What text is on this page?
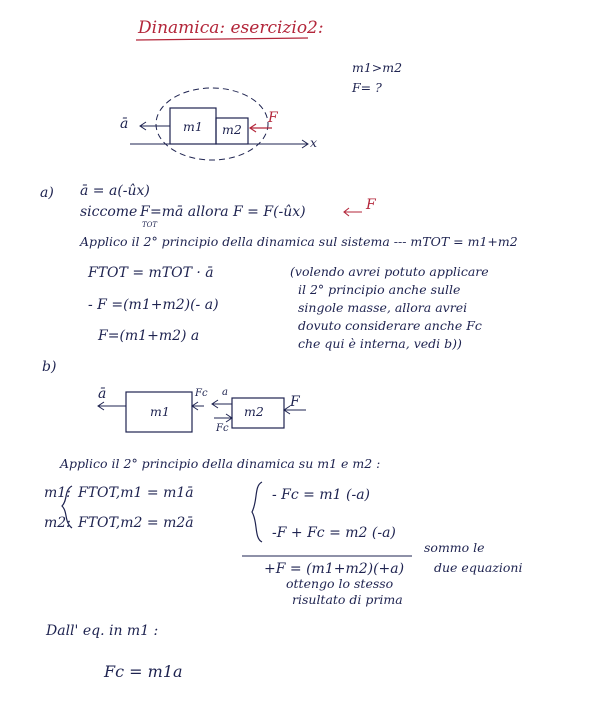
Dinamica: esercizio2:
m1>m2
F= ?
ā	m1 m2
F
x
a) ā = a(-ûx)
siccome F
TOT
=mā allora F = F(-ûx)	F
Applico il 2° principio della dinamica sul sistema --- mTOT = m1+m2
FTOT = mTOT · ā
- F =(m1+m2)(- a)
F=(m1+m2) a
(volendo avrei potuto applicare
il 2° principio anche sulle
singole masse, allora avrei
dovuto considerare anche Fc
che qui è interna, vedi b))
b)
ā
m1
Fc a
Fc
m2
F
Applico il 2° principio della dinamica su m1 e m2 :
m1:
m2:
FTOT,m1 = m1ā
FTOT,m2 = m2ā
- Fc = m1 (-a)
-F + Fc = m2 (-a)
+F = (m1+m2)(+a)
ottengo lo stesso
risultato di prima
sommo le
due equazioni
Dall' eq. in m1 :
Fc = m1a
